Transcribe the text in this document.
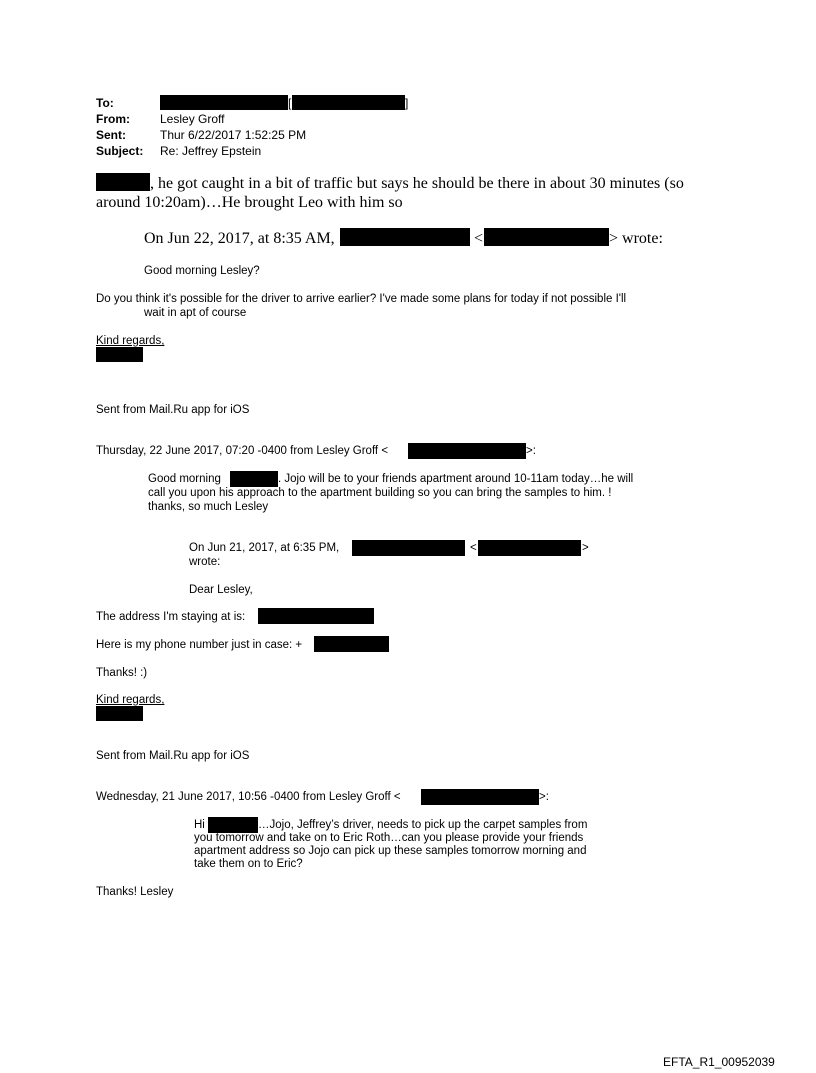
To:	[	]
From:	Lesley Groff
Sent:	Thur 6/22/2017 1:52:25 PM
Subject: Re: Jeffrey Epstein
, he got caught in a bit of traffic but says he should be there in about 30 minutes (so
around 10:20am)…He brought Leo with him so
On Jun 22, 2017, at 8:35 AM,	<	> wrote:
Good morning Lesley?
Do you think it's possible for the driver to arrive earlier? I've made some plans for today if not possible I'll
wait in apt of course
Kind regards,
Sent from Mail.Ru app for iOS
Thursday, 22 June 2017, 07:20 -0400 from Lesley Groff <	>:
Good morning	. Jojo will be to your friends apartment around 10-11am today…he will
call you upon his approach to the apartment building so you can bring the samples to him. !
thanks, so much Lesley
On Jun 21, 2017, at 6:35 PM,	<	>
wrote:
Dear Lesley,
The address I'm staying at is:
Here is my phone number just in case: +
Thanks! :)
Kind regards,
Sent from Mail.Ru app for iOS
Wednesday, 21 June 2017, 10:56 -0400 from Lesley Groff <	>:
Hi	…Jojo, Jeffrey’s driver, needs to pick up the carpet samples from
you tomorrow and take on to Eric Roth…can you please provide your friends
apartment address so Jojo can pick up these samples tomorrow morning and
take them on to Eric?
Thanks! Lesley
EFTA_R1_00952039
